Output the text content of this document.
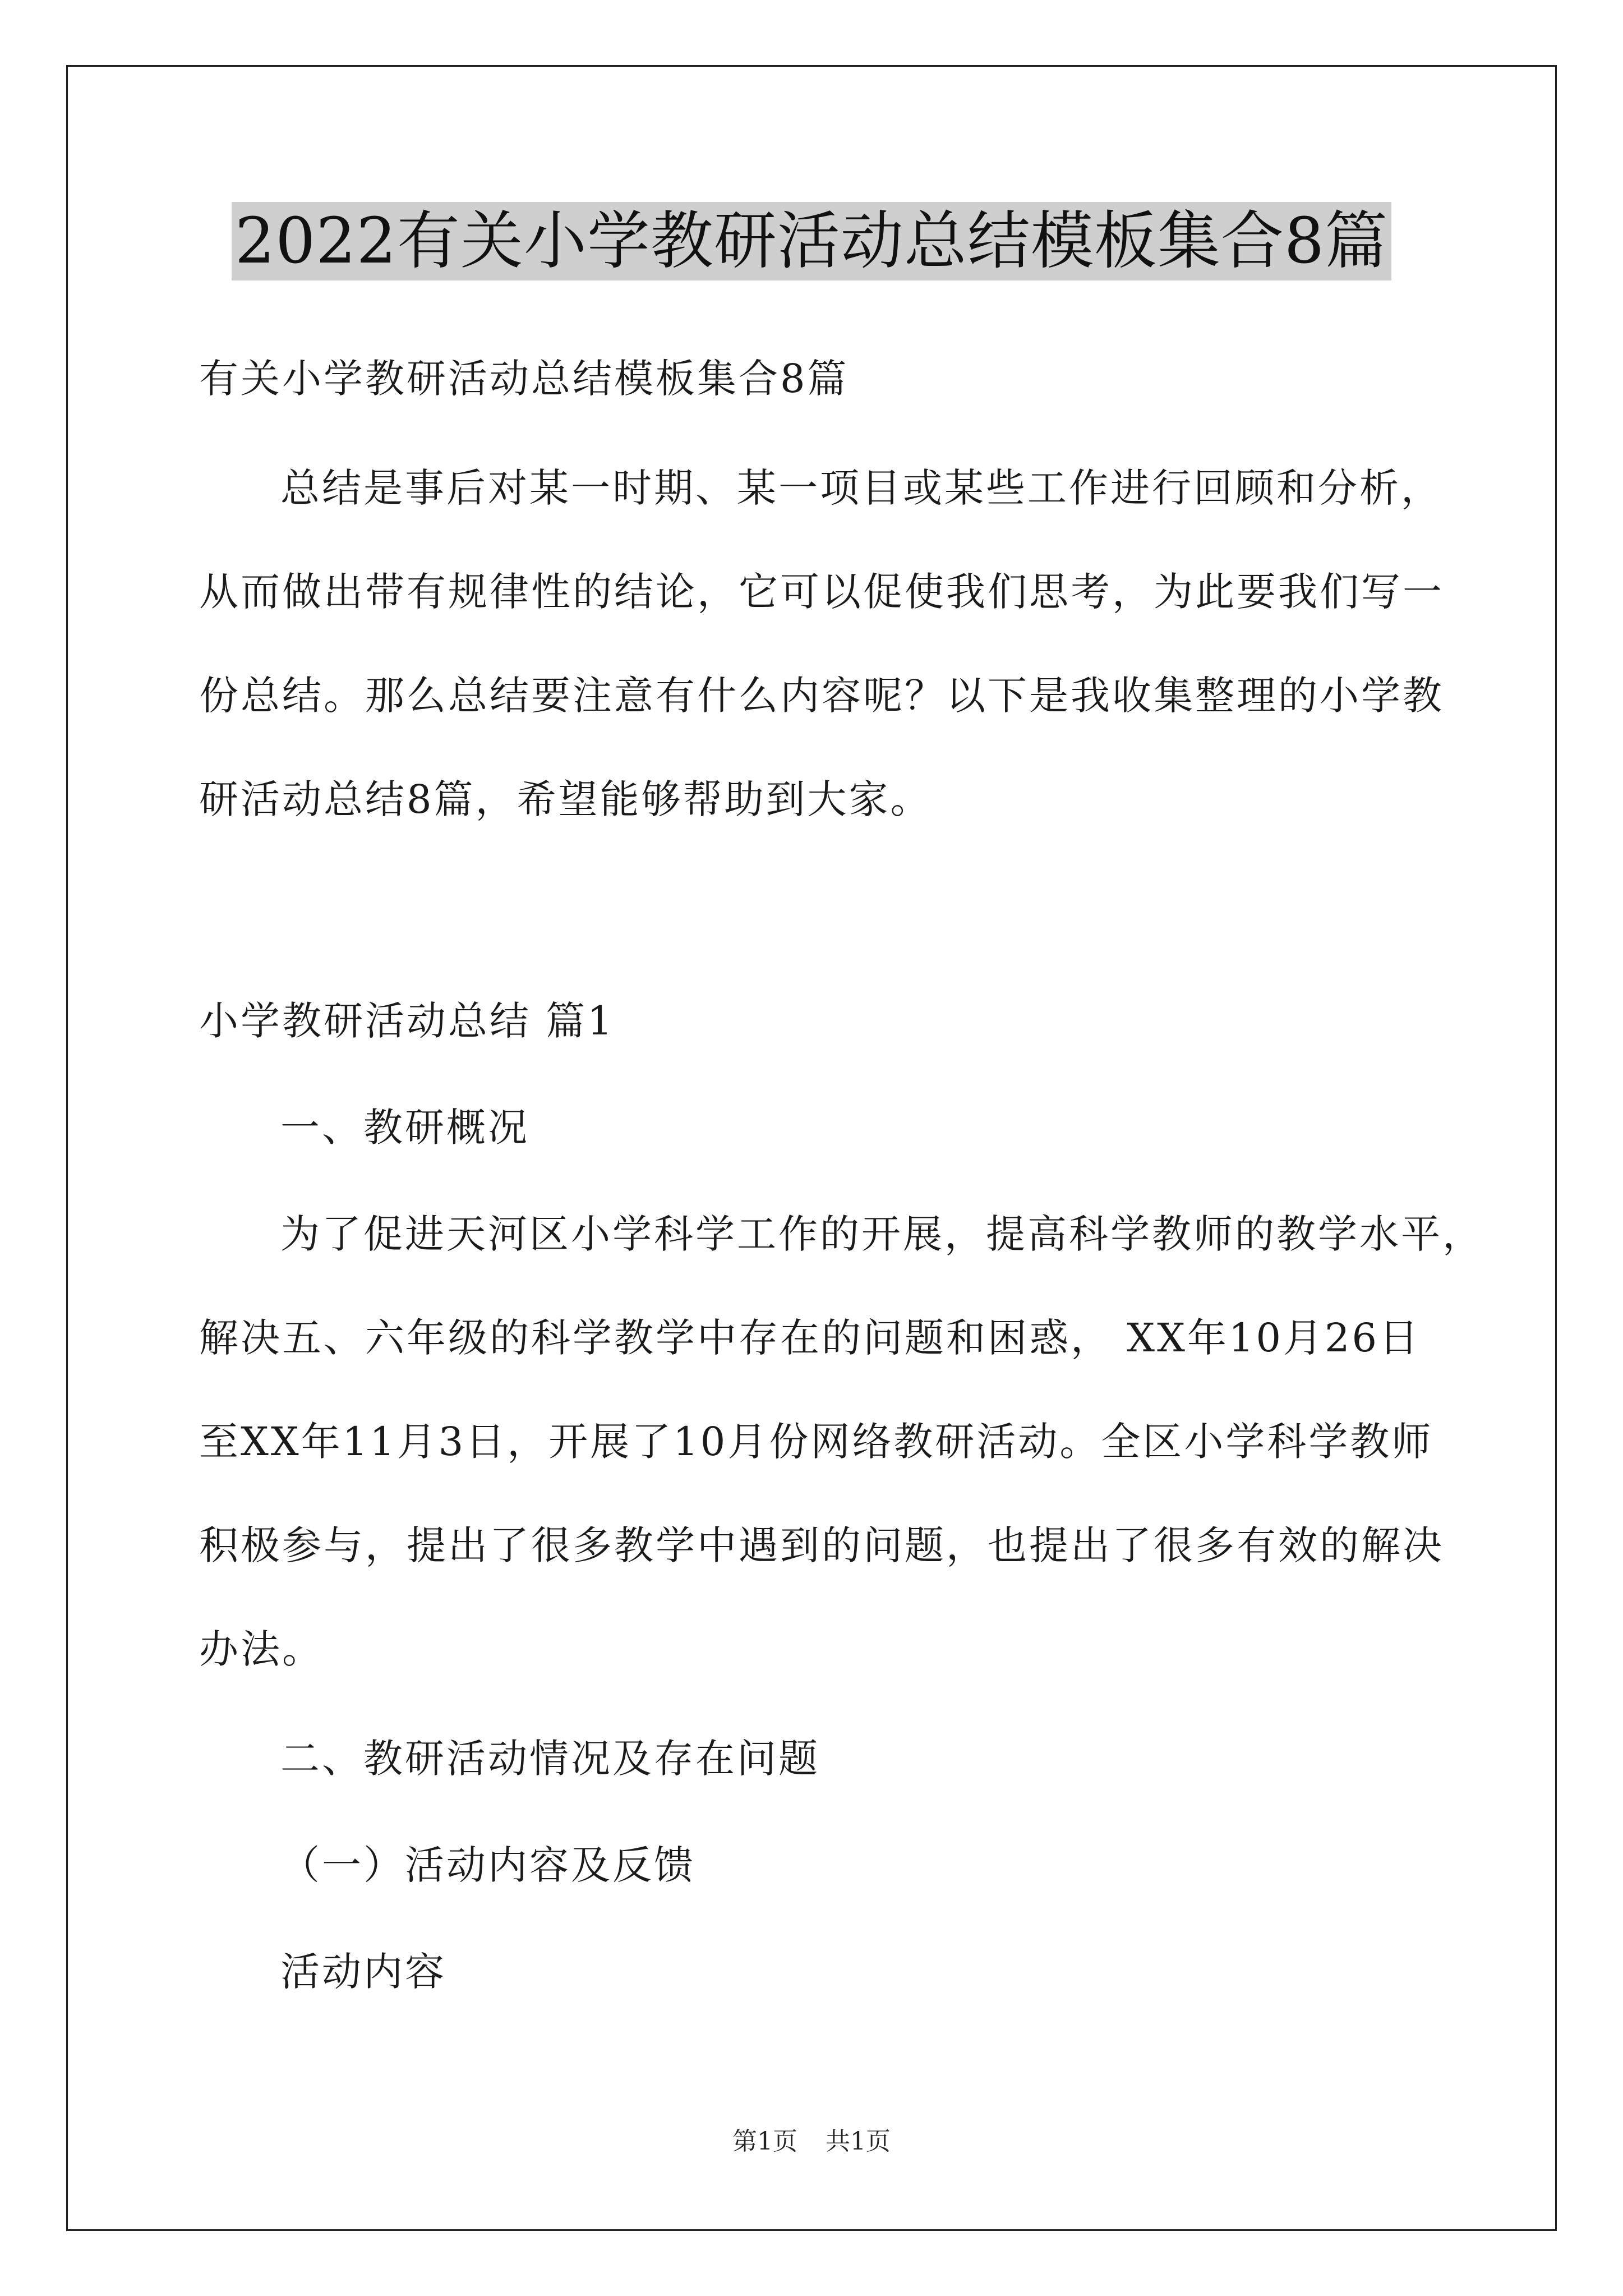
2022有关小学教研活动总结模板集合8篇
有关小学教研活动总结模板集合8篇
总结是事后对某一时期、某一项目或某些工作进行回顾和分析，
从而做出带有规律性的结论，它可以促使我们思考，为此要我们写一
份总结。那么总结要注意有什么内容呢？以下是我收集整理的小学教
研活动总结8篇，希望能够帮助到大家。
小学教研活动总结 篇1
一、教研概况
为了促进天河区小学科学工作的开展，提高科学教师的教学水平，
解决五、六年级的科学教学中存在的问题和困惑， XX年10月26日
至XX年11月3日，开展了10月份网络教研活动。全区小学科学教师
积极参与，提出了很多教学中遇到的问题，也提出了很多有效的解决
办法。
二、教研活动情况及存在问题
（一）活动内容及反馈
活动内容
第1页 共1页
